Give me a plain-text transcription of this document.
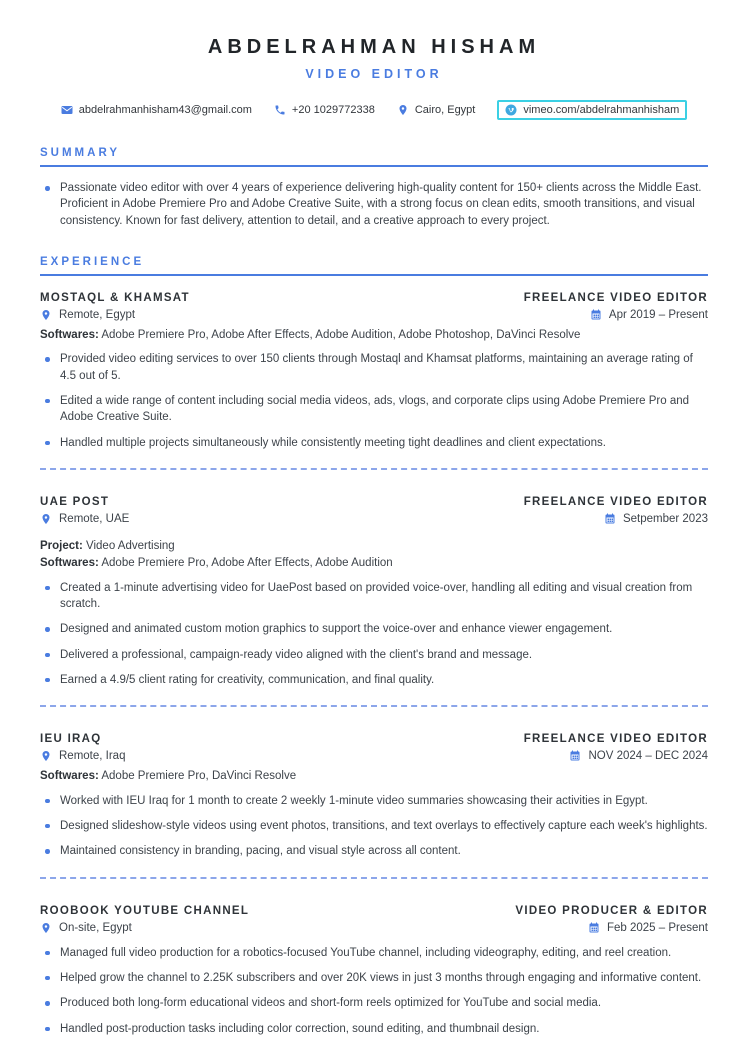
ABDELRAHMAN HISHAM
VIDEO EDITOR
abdelrahmanhisham43@gmail.com	+20 1029772338	Cairo, Egypt	vimeo.com/abdelrahmanhisham
SUMMARY
Passionate video editor with over 4 years of experience delivering high-quality content for 150+ clients across the Middle East. Proficient in Adobe Premiere Pro and Adobe Creative Suite, with a strong focus on clean edits, smooth transitions, and visual consistency. Known for fast delivery, attention to detail, and a creative approach to every project.
EXPERIENCE
MOSTAQL & KHAMSAT	FREELANCE VIDEO EDITOR
Remote, Egypt	Apr 2019 – Present
Softwares: Adobe Premiere Pro, Adobe After Effects, Adobe Audition, Adobe Photoshop, DaVinci Resolve
Provided video editing services to over 150 clients through Mostaql and Khamsat platforms, maintaining an average rating of 4.5 out of 5.
Edited a wide range of content including social media videos, ads, vlogs, and corporate clips using Adobe Premiere Pro and Adobe Creative Suite.
Handled multiple projects simultaneously while consistently meeting tight deadlines and client expectations.
UAE POST	FREELANCE VIDEO EDITOR
Remote, UAE	Setpember 2023
Project: Video Advertising
Softwares: Adobe Premiere Pro, Adobe After Effects, Adobe Audition
Created a 1-minute advertising video for UaePost based on provided voice-over, handling all editing and visual creation from scratch.
Designed and animated custom motion graphics to support the voice-over and enhance viewer engagement.
Delivered a professional, campaign-ready video aligned with the client's brand and message.
Earned a 4.9/5 client rating for creativity, communication, and final quality.
IEU IRAQ	FREELANCE VIDEO EDITOR
Remote, Iraq	NOV 2024 – DEC 2024
Softwares: Adobe Premiere Pro, DaVinci Resolve
Worked with IEU Iraq for 1 month to create 2 weekly 1-minute video summaries showcasing their activities in Egypt.
Designed slideshow-style videos using event photos, transitions, and text overlays to effectively capture each week's highlights.
Maintained consistency in branding, pacing, and visual style across all content.
ROOBOOK YOUTUBE CHANNEL	VIDEO PRODUCER & EDITOR
On-site, Egypt	Feb 2025 – Present
Managed full video production for a robotics-focused YouTube channel, including videography, editing, and reel creation.
Helped grow the channel to 2.25K subscribers and over 20K views in just 3 months through engaging and informative content.
Produced both long-form educational videos and short-form reels optimized for YouTube and social media.
Handled post-production tasks including color correction, sound editing, and thumbnail design.
